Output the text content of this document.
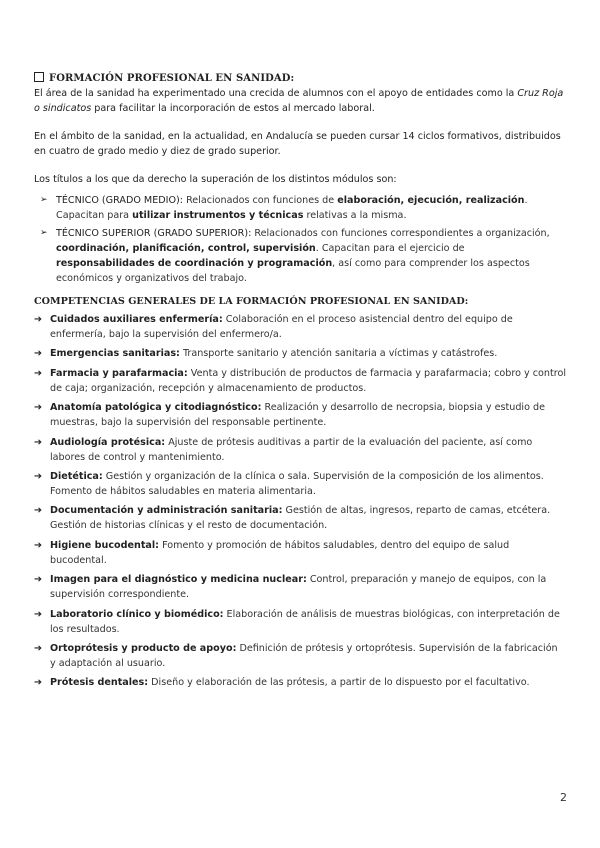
FORMACIÓN PROFESIONAL EN SANIDAD:

El área de la sanidad ha experimentado una crecida de alumnos con el apoyo de entidades como la Cruz Roja o sindicatos para facilitar la incorporación de estos al mercado laboral.

En el ámbito de la sanidad, en la actualidad, en Andalucía se pueden cursar 14 ciclos formativos, distribuidos en cuatro de grado medio y diez de grado superior.

Los títulos a los que da derecho la superación de los distintos módulos son:

➢ TÉCNICO (GRADO MEDIO): Relacionados con funciones de elaboración, ejecución, realización. Capacitan para utilizar instrumentos y técnicas relativas a la misma.
➢ TÉCNICO SUPERIOR (GRADO SUPERIOR): Relacionados con funciones correspondientes a organización, coordinación, planificación, control, supervisión. Capacitan para el ejercicio de responsabilidades de coordinación y programación, así como para comprender los aspectos económicos y organizativos del trabajo.
COMPETENCIAS GENERALES DE LA FORMACIÓN PROFESIONAL EN SANIDAD:
➔ Cuidados auxiliares enfermería: Colaboración en el proceso asistencial dentro del equipo de enfermería, bajo la supervisión del enfermero/a.
➔ Emergencias sanitarias: Transporte sanitario y atención sanitaria a víctimas y catástrofes.
➔ Farmacia y parafarmacia: Venta y distribución de productos de farmacia y parafarmacia; cobro y control de caja; organización, recepción y almacenamiento de productos.
➔ Anatomía patológica y citodiagnóstico: Realización y desarrollo de necropsia, biopsia y estudio de muestras, bajo la supervisión del responsable pertinente.
➔ Audiología protésica: Ajuste de prótesis auditivas a partir de la evaluación del paciente, así como labores de control y mantenimiento.
➔ Dietética: Gestión y organización de la clínica o sala. Supervisión de la composición de los alimentos. Fomento de hábitos saludables en materia alimentaria.
➔ Documentación y administración sanitaria: Gestión de altas, ingresos, reparto de camas, etcétera. Gestión de historias clínicas y el resto de documentación.
➔ Higiene bucodental: Fomento y promoción de hábitos saludables, dentro del equipo de salud bucodental.
➔ Imagen para el diagnóstico y medicina nuclear: Control, preparación y manejo de equipos, con la supervisión correspondiente.
➔ Laboratorio clínico y biomédico: Elaboración de análisis de muestras biológicas, con interpretación de los resultados.
➔ Ortoprótesis y producto de apoyo: Definición de prótesis y ortoprótesis. Supervisión de la fabricación y adaptación al usuario.
➔ Prótesis dentales: Diseño y elaboración de las prótesis, a partir de lo dispuesto por el facultativo.
2
